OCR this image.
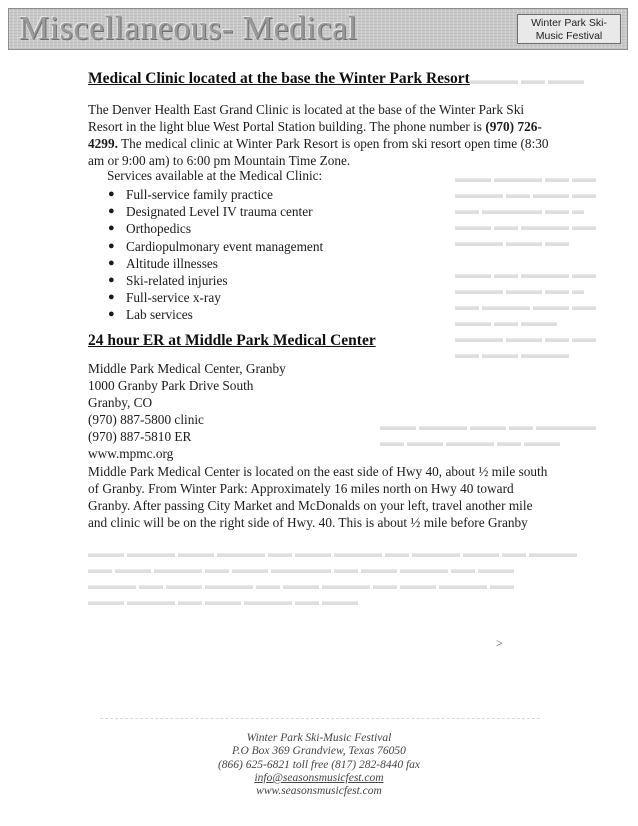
▬▬▬▬ ▬▬ ▬▬▬
▬▬▬ ▬▬▬▬ ▬▬ ▬▬
▬▬▬▬ ▬▬ ▬▬▬ ▬▬
▬▬ ▬▬▬▬▬ ▬▬ ▬
▬▬▬ ▬▬ ▬▬▬▬ ▬▬
▬▬▬▬ ▬▬▬ ▬▬

▬▬▬ ▬▬ ▬▬▬▬ ▬▬
▬▬▬▬ ▬▬▬ ▬▬ ▬
▬▬ ▬▬▬▬ ▬▬▬ ▬▬
▬▬▬ ▬▬ ▬▬▬
▬▬▬▬ ▬▬▬ ▬▬ ▬▬
▬▬ ▬▬▬ ▬▬▬▬
▬▬▬ ▬▬▬▬ ▬▬▬ ▬▬ ▬▬▬▬▬
▬▬ ▬▬▬ ▬▬▬▬ ▬▬ ▬▬▬
▬▬▬ ▬▬▬▬ ▬▬▬ ▬▬▬▬ ▬▬ ▬▬▬ ▬▬▬▬ ▬▬ ▬▬▬▬ ▬▬▬ ▬▬ ▬▬▬▬
▬▬ ▬▬▬ ▬▬▬▬ ▬▬ ▬▬▬ ▬▬▬▬▬ ▬▬ ▬▬▬ ▬▬▬▬ ▬▬ ▬▬▬
▬▬▬▬ ▬▬ ▬▬▬ ▬▬▬▬ ▬▬ ▬▬▬ ▬▬▬▬ ▬▬ ▬▬▬ ▬▬▬▬ ▬▬
▬▬▬ ▬▬▬▬ ▬▬ ▬▬▬ ▬▬▬▬ ▬▬ ▬▬▬
Miscellaneous- Medical	Winter Park Ski-
Music Festival
Medical Clinic located at the base the Winter Park Resort
The Denver Health East Grand Clinic is located at the base of the Winter Park Ski Resort in the light blue West Portal Station building. The phone number is (970) 726-4299. The medical clinic at Winter Park Resort is open from ski resort open time (8:30 am or 9:00 am) to 6:00 pm Mountain Time Zone.
Services available at the Medical Clinic:
● Full-service family practice
● Designated Level IV trauma center
● Orthopedics
● Cardiopulmonary event management
● Altitude illnesses
● Ski-related injuries
● Full-service x-ray
● Lab services
24 hour ER at Middle Park Medical Center
Middle Park Medical Center, Granby
1000 Granby Park Drive South
Granby, CO
(970) 887-5800 clinic
(970) 887-5810 ER
www.mpmc.org
Middle Park Medical Center is located on the east side of Hwy 40, about ½ mile south of Granby. From Winter Park: Approximately 16 miles north on Hwy 40 toward Granby. After passing City Market and McDonalds on your left, travel another mile and clinic will be on the right side of Hwy. 40. This is about ½ mile before Granby
˃
Winter Park Ski-Music Festival
P.O Box 369 Grandview, Texas 76050
(866) 625-6821 toll free (817) 282-8440 fax
info@seasonsmusicfest.com
www.seasonsmusicfest.com
